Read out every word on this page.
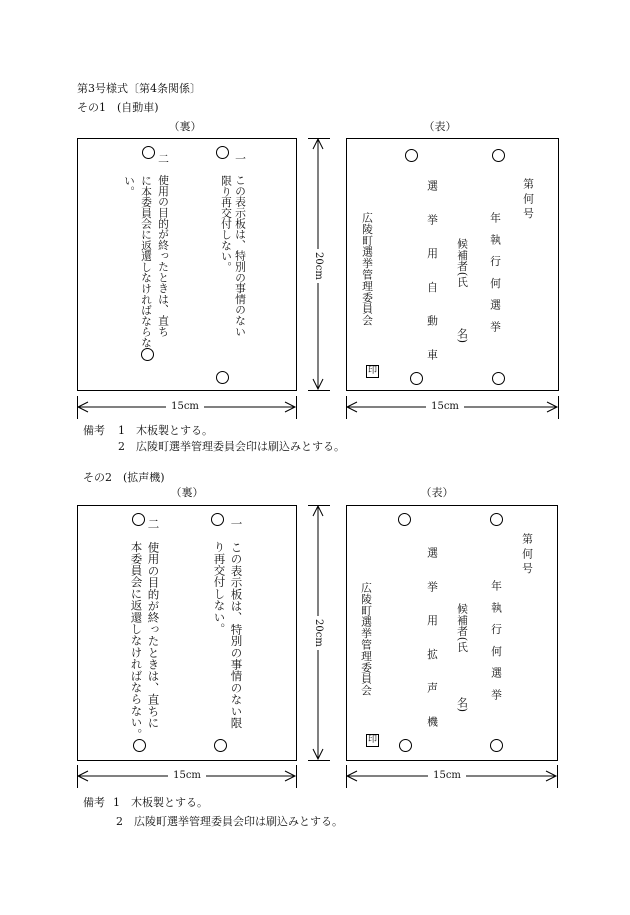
第3号様式〔第4条関係〕
その1　(自動車)
（裏）	（表）
一　この表示板は、特別の事情のない
限り再交付しない。
二　使用の目的が終ったときは、直ち
に本委員会に返還しなければならな
い。	第何号
年執行何選挙
候補者(氏
名)
選挙用自動車
広陵町選挙管理委員会
印
20cm
15cm	15cm
備考 1　木板製とする。
2　広陵町選挙管理委員会印は刷込みとする。
その2　(拡声機)
（裏）	（表）
一　この表示板は、特別の事情のない限
り再交付しない。
二　使用の目的が終ったときは、直ちに
本委員会に返還しなければならない。	第何号
年執行何選挙
候補者(氏
名)
選挙用拡声機
広陵町選挙管理委員会
印
20cm
15cm	15cm
備考 1　木板製とする。
2　広陵町選挙管理委員会印は刷込みとする。
